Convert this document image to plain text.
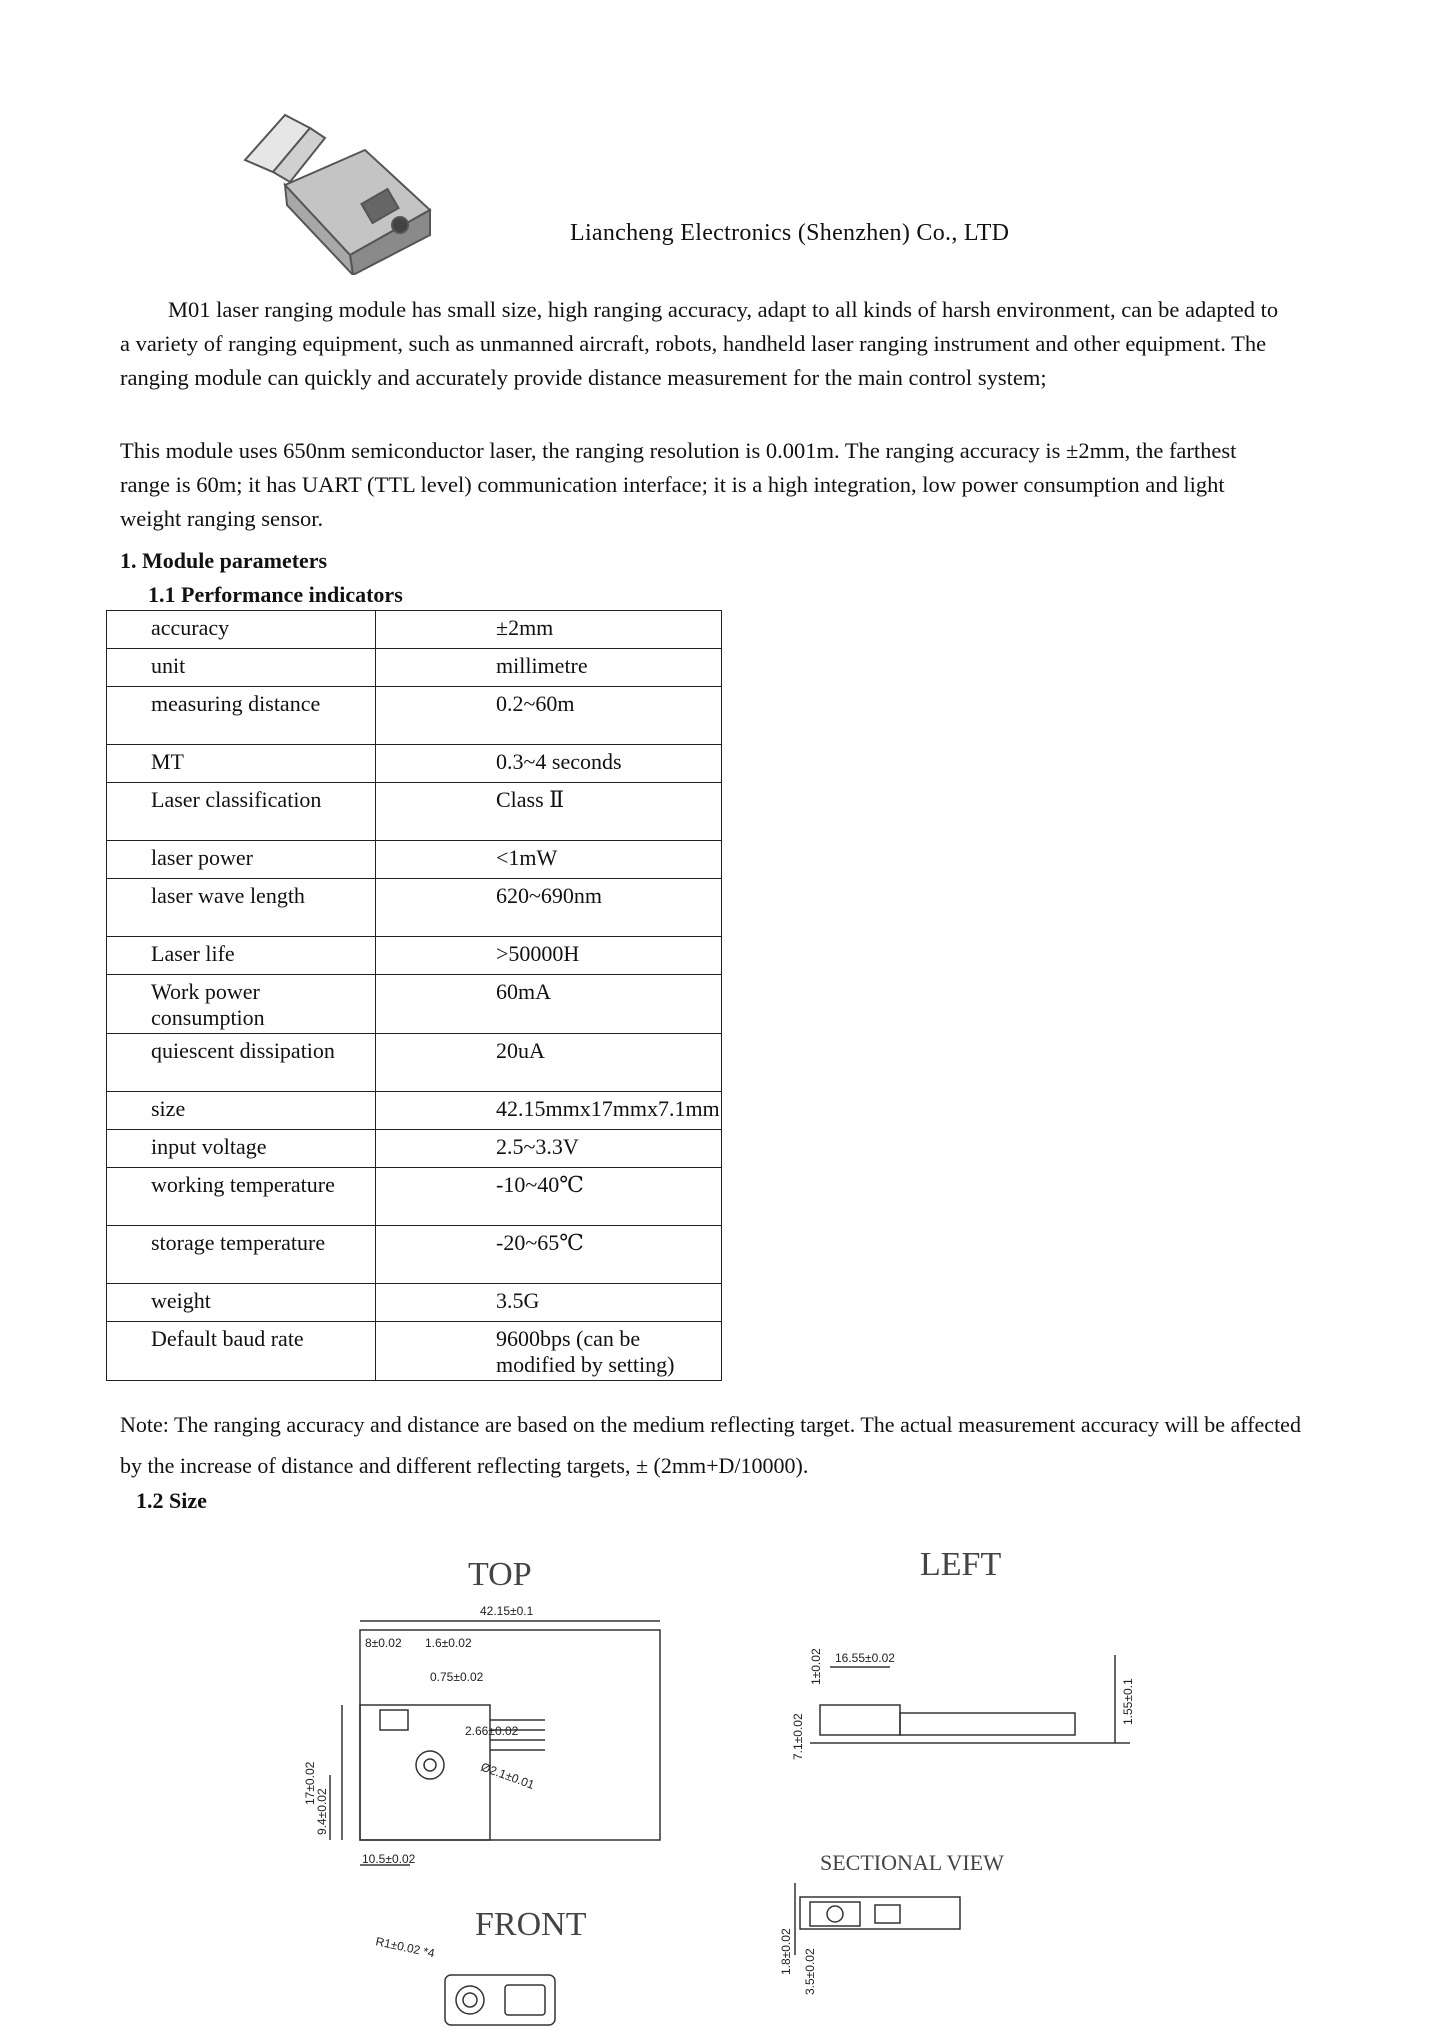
Liancheng Electronics (Shenzhen) Co., LTD

M01 laser ranging module has small size, high ranging accuracy, adapt to all kinds of harsh environment, can be adapted to a variety of ranging equipment, such as unmanned aircraft, robots, handheld laser ranging instrument and other equipment. The ranging module can quickly and accurately provide distance measurement for the main control system;

This module uses 650nm semiconductor laser, the ranging resolution is 0.001m. The ranging accuracy is ±2mm, the farthest range is 60m; it has UART (TTL level) communication interface; it is a high integration, low power consumption and light weight ranging sensor.

1. Module parameters
1.1 Performance indicators
accuracy	±2mm
unit	millimetre
measuring distance	0.2~60m
MT	0.3~4 seconds
Laser classification	Class Ⅱ
laser power	<1mW
laser wave length	620~690nm
Laser life	>50000H
Work power consumption	60mA
quiescent dissipation	20uA
size	42.15mmx17mmx7.1mm
input voltage	2.5~3.3V
working temperature	-10~40℃
storage temperature	-20~65℃
weight	3.5G
Default baud rate	9600bps (can be modified by setting)
Note: The ranging accuracy and distance are based on the medium reflecting target. The actual measurement accuracy will be affected by the increase of distance and different reflecting targets, ± (2mm+D/10000).
1.2 Size
TOP	LEFT
FRONT
SECTIONAL VIEW
42.15±0.1
8±0.02 1.6±0.02
0.75±0.02
2.66±0.02
Ø2.1±0.01
17±0.02
9.4±0.02
10.5±0.02
1±0.02 16.55±0.02
7.1±0.02
1.55±0.1
R1±0.02 *4	1.8±0.02 3.5±0.02
